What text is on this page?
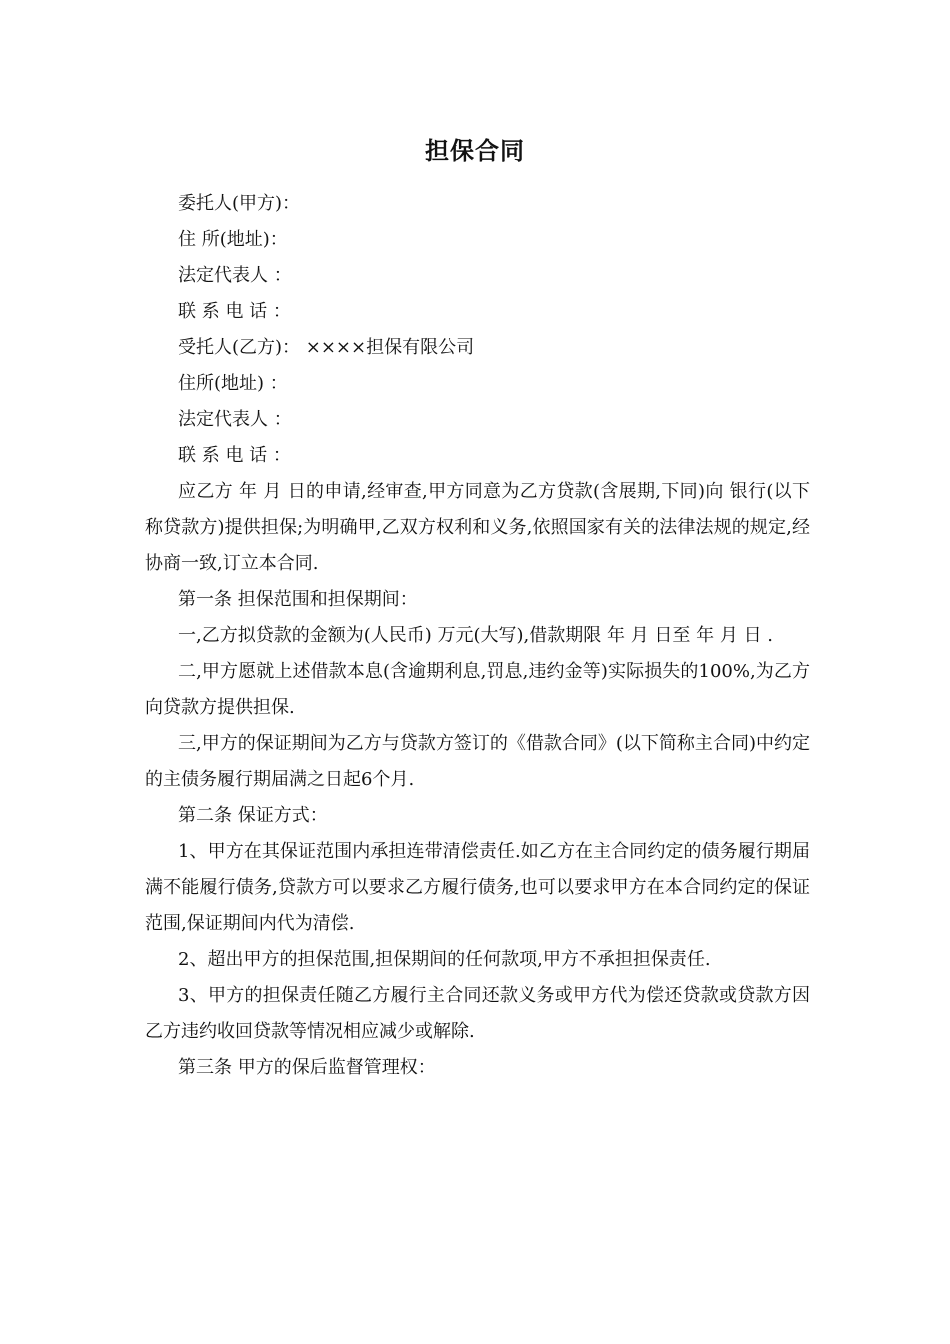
担保合同
委托人(甲方)：
住 所(地址)：
法定代表人 ：
联 系 电 话 ：
受托人(乙方)： ××××担保有限公司
住所(地址) ：
法定代表人 ：
联 系 电 话 ：

应乙方 年 月 日的申请,经审查,甲方同意为乙方贷款(含展期,下同)向 银行(以下称贷款方)提供担保;为明确甲,乙双方权利和义务,依照国家有关的法律法规的规定,经协商一致,订立本合同.

第一条 担保范围和担保期间：

一,乙方拟贷款的金额为(人民币) 万元(大写),借款期限 年 月 日至 年 月 日 .

二,甲方愿就上述借款本息(含逾期利息,罚息,违约金等)实际损失的100%,为乙方向贷款方提供担保.

三,甲方的保证期间为乙方与贷款方签订的《借款合同》(以下简称主合同)中约定的主债务履行期届满之日起6个月.

第二条 保证方式：

1、甲方在其保证范围内承担连带清偿责任.如乙方在主合同约定的债务履行期届满不能履行债务,贷款方可以要求乙方履行债务,也可以要求甲方在本合同约定的保证范围,保证期间内代为清偿.

2、超出甲方的担保范围,担保期间的任何款项,甲方不承担担保责任.

3、甲方的担保责任随乙方履行主合同还款义务或甲方代为偿还贷款或贷款方因乙方违约收回贷款等情况相应减少或解除.

第三条 甲方的保后监督管理权：
